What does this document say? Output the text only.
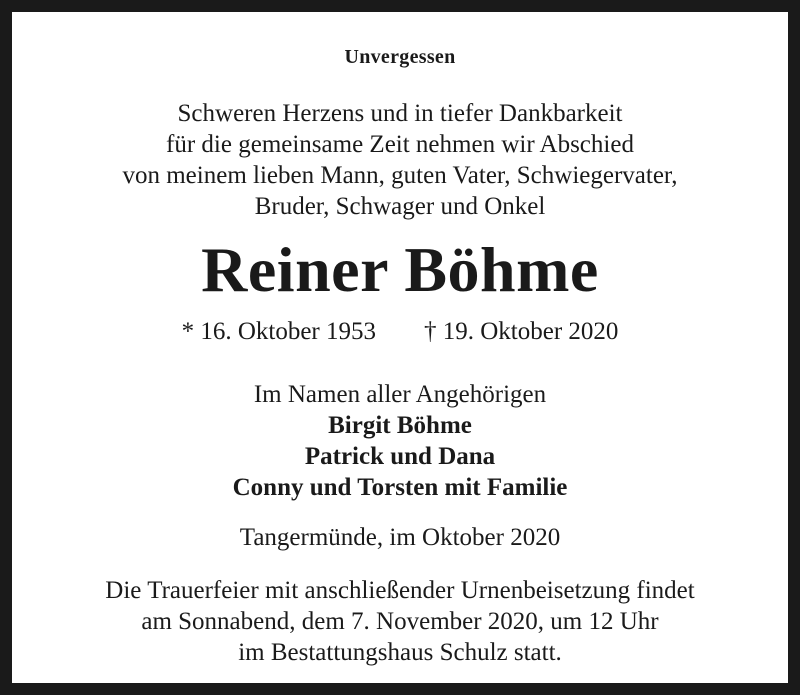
Unvergessen
Schweren Herzens und in tiefer Dankbarkeit
für die gemeinsame Zeit nehmen wir Abschied
von meinem lieben Mann, guten Vater, Schwiegervater,
Bruder, Schwager und Onkel
Reiner Böhme
* 16. Oktober 1953 † 19. Oktober 2020
Im Namen aller Angehörigen
Birgit Böhme
Patrick und Dana
Conny und Torsten mit Familie
Tangermünde, im Oktober 2020
Die Trauerfeier mit anschließender Urnenbeisetzung findet
am Sonnabend, dem 7. November 2020, um 12 Uhr
im Bestattungshaus Schulz statt.
